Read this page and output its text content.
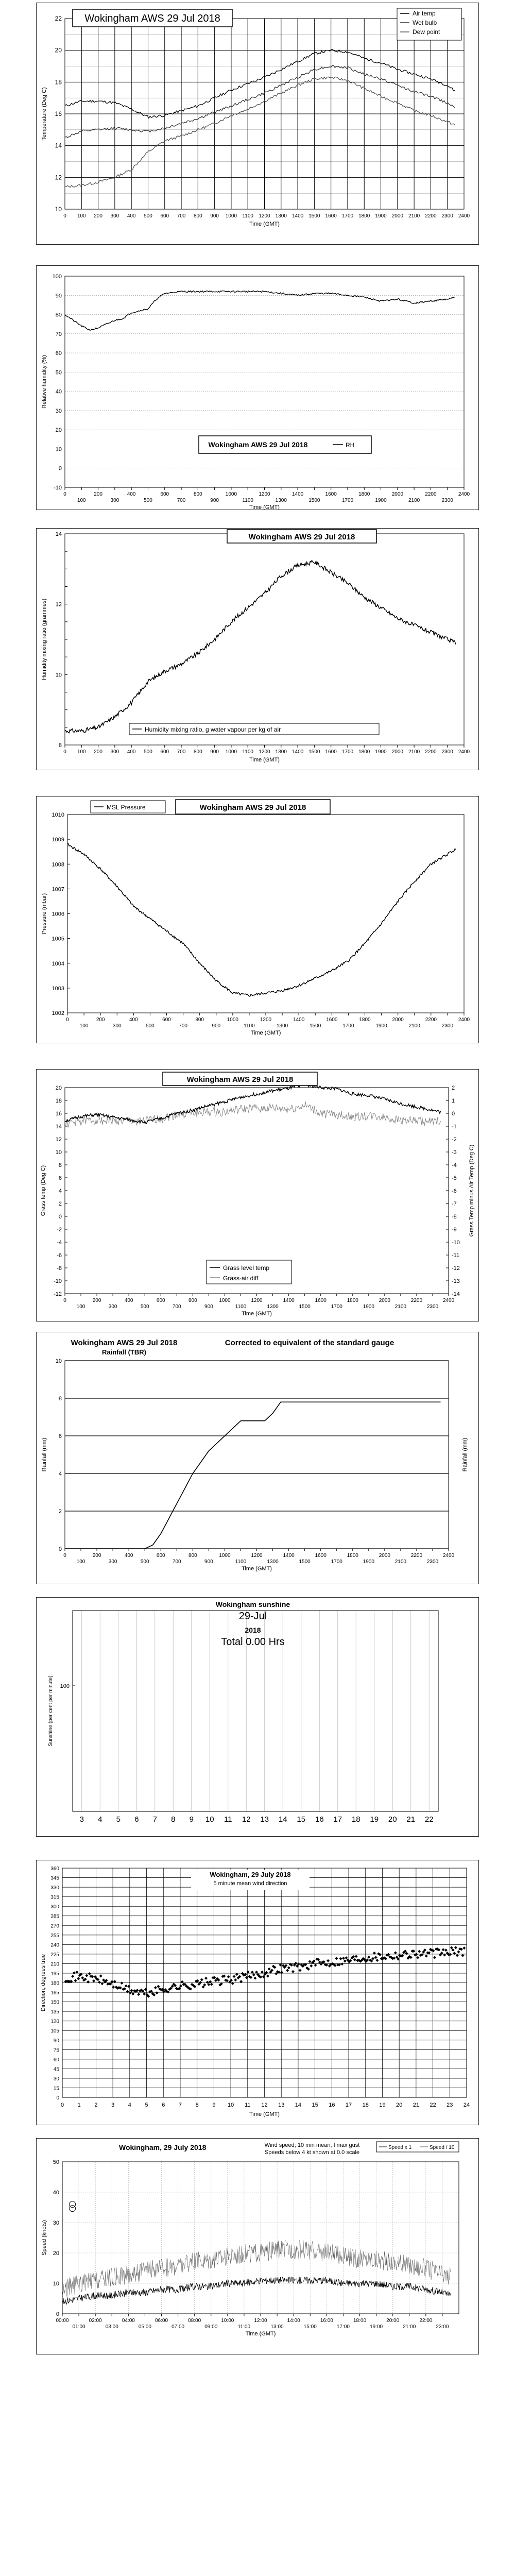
10
12
14
16
18
20
22
0 100 200 300 400 500 600 700 800 900 1000 1100 1200 1300 1400 1500 1600 1700 1800 1900 2000 2100 2200 2300 2400
Wokingham AWS 29 Jul 2018	Air temp
Wet bulb
Dew point
Temperature (Deg C)
Time (GMT)
-10
0
10
20
30
40
50
60
70
80
90
100
0	200	400	600	800	1000	1200	1400	1600	1800	2000	2200	2400
100	300	500	700	900	1100	1300	1500	1700	1900	2100	2300
Wokingham AWS 29 Jul 2018	RH
Relative humidity (%)
Time (GMT)
8
10
12
14
0 100 200 300 400 500 600 700 800 900 1000 1100 1200 1300 1400 1500 1600 1700 1800 1900 2000 2100 2200 2300 2400
Wokingham AWS 29 Jul 2018
Humidity mixing ratio, g water vapour per kg of air
Humidity mixing ratio (grammes)
Time (GMT)
1002
1003
1004
1005
1006
1007
1008
1009
1010
0	200	400	600	800	1000	1200	1400	1600	1800	2000	2200	2400
100	300	500	700	900	1100	1300	1500	1700	1900	2100	2300
MSL Pressure	Wokingham AWS 29 Jul 2018
Pressure (mbar)
Time (GMT)
-12
-10
-8
-6
-4
-2
0
2
4
6
8
10
12
14
16
18
20
-14
-13
-12
-11
-10
-9
-8
-7
-6
-5
-4
-3
-2
-1
0
1
2
0	200	400	600	800	1000	1200	1400	1600	1800	2000	2200	2400
100	300	500	700	900	1100	1300	1500	1700	1900	2100	2300
Wokingham AWS 29 Jul 2018
Grass level temp
Grass-air diff
Grass temp (Deg C)	Grass Temp minus Air Temp (Deg C)
Time (GMT)
0
2
4
6
8
10
0	200	400	600	800	1000	1200	1400	1600	1800	2000	2200	2400
100	300	500	700	900	1100	1300	1500	1700	1900	2100	2300
Wokingham AWS 29 Jul 2018
Rainfall (TBR)
Corrected to equivalent of the standard gauge
Rainfall (mm)	Rainfall (mm)
Time (GMT)
3 4 5 6 7 8 9 10 11 12 13 14 15 16 17 18 19 20 21 22
100
Wokingham sunshine
29-Jul
2018
Total 0.00 Hrs
Sunshine (per cent per minute)
0
15
30
45
60
75
90
105
120
135
150
165
180
195
210
225
240
255
270
285
300
315
330
345
360
0 1 2 3 4 5 6 7 8 9 10 11 12 13 14 15 16 17 18 19 20 21 22 23 24
Wokingham, 29 July 2018
5 minute mean wind direction
Direction, degrees true
Time (GMT)
0
10
20
30
40
50
00:00	02:00	04:00	06:00	08:00	10:00	12:00	14:00	16:00	18:00	20:00	22:00
01:00	03:00	05:00	07:00	09:00	11:00	13:00	15:00	17:00	19:00	21:00	23:00
Wokingham, 29 July 2018	Wind speed; 10 min mean, I max gust
Speeds below 4 kt shown at 0.0 scale
Speed x 1	Speed / 10
Speed (knots)
Time (GMT)
